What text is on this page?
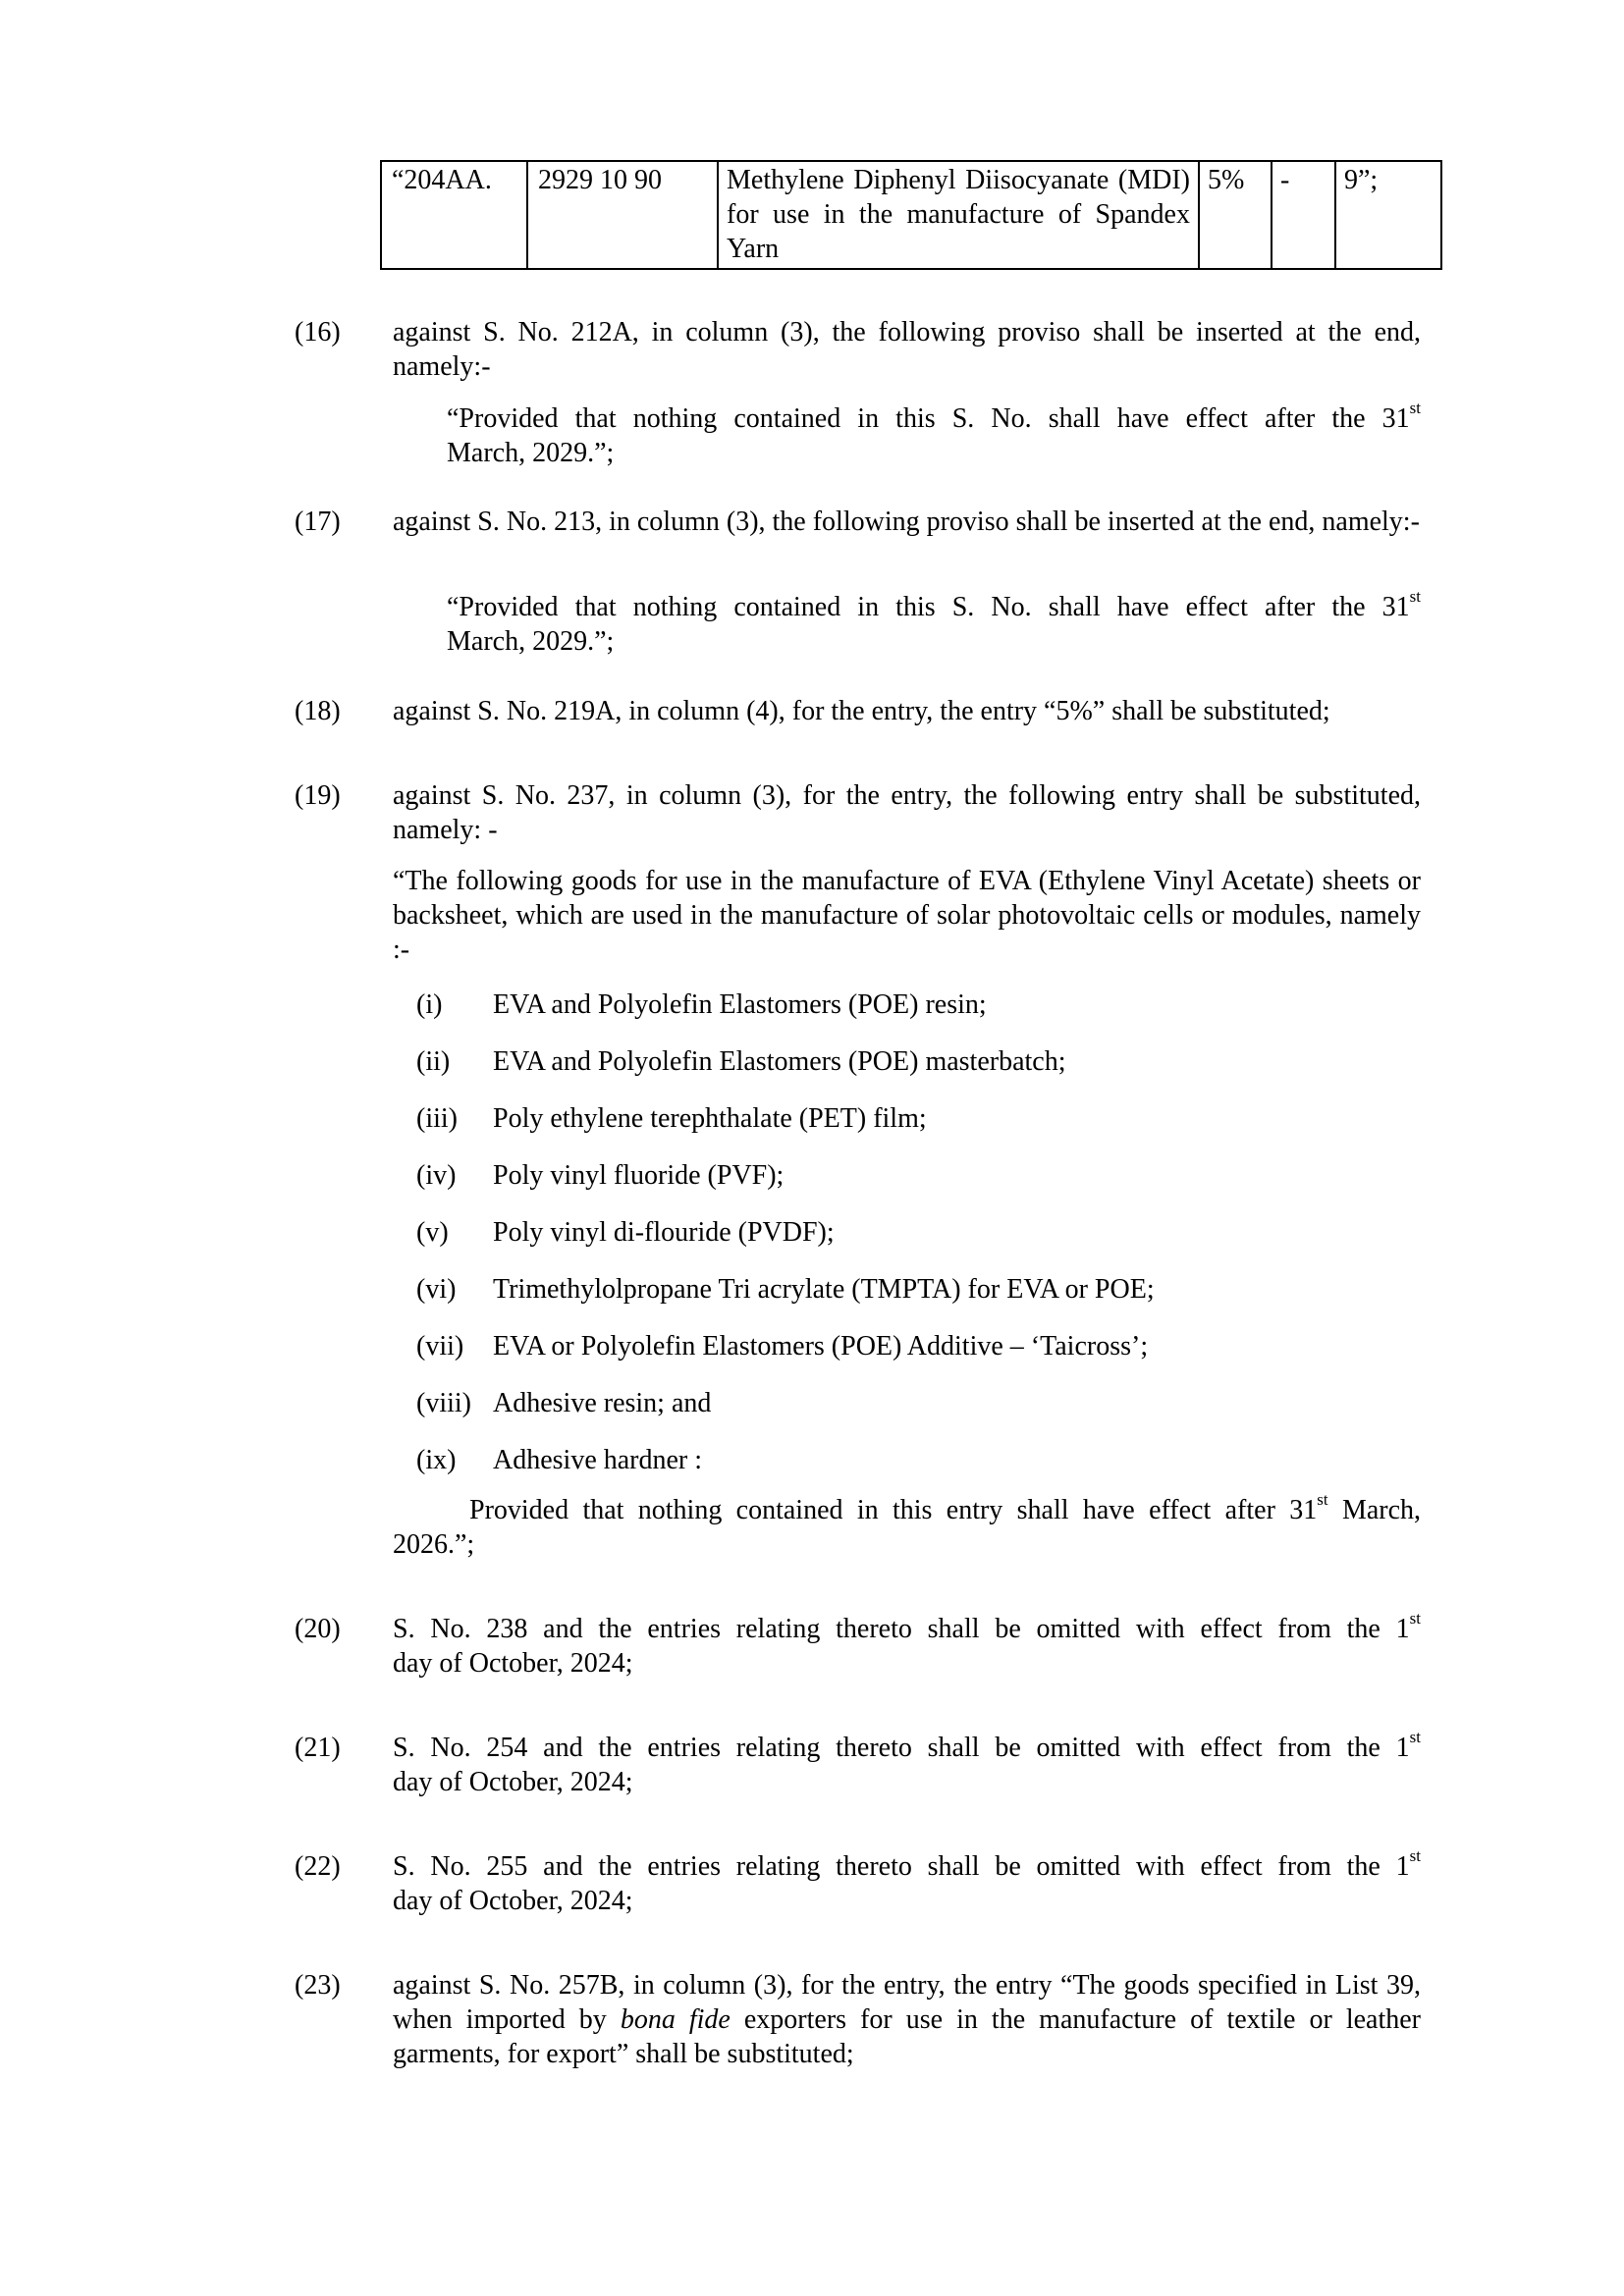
“204AA.	2929 10 90	Methylene Diphenyl Diisocyanate (MDI) for use in the manufacture of Spandex Yarn	5%	-	9”;
(16)	against S. No. 212A, in column (3), the following proviso shall be inserted at the end, namely:-
“Provided that nothing contained in this S. No. shall have effect after the 31st
March, 2029.”;
(17)	against S. No. 213, in column (3), the following proviso shall be inserted at the end, namely:-
“Provided that nothing contained in this S. No. shall have effect after the 31st
March, 2029.”;
(18)	against S. No. 219A, in column (4), for the entry, the entry “5%” shall be substituted;
(19)	against S. No. 237, in column (3), for the entry, the following entry shall be substituted, namely: -
“The following goods for use in the manufacture of EVA (Ethylene Vinyl Acetate) sheets or backsheet, which are used in the manufacture of solar photovoltaic cells or modules, namely :-
(i) EVA and Polyolefin Elastomers (POE) resin;
(ii) EVA and Polyolefin Elastomers (POE) masterbatch;
(iii) Poly ethylene terephthalate (PET) film;
(iv) Poly vinyl fluoride (PVF);
(v) Poly vinyl di-flouride (PVDF);
(vi) Trimethylolpropane Tri acrylate (TMPTA) for EVA or POE;
(vii) EVA or Polyolefin Elastomers (POE) Additive – ‘Taicross’;
(viii) Adhesive resin; and
(ix) Adhesive hardner :
Provided that nothing contained in this entry shall have effect after 31st March,
2026.”;
(20)	S. No. 238 and the entries relating thereto shall be omitted with effect from the 1st
day of October, 2024;
(21)	S. No. 254 and the entries relating thereto shall be omitted with effect from the 1st
day of October, 2024;
(22)	S. No. 255 and the entries relating thereto shall be omitted with effect from the 1st
day of October, 2024;
(23)	against S. No. 257B, in column (3), for the entry, the entry “The goods specified in List 39, when imported by bona fide exporters for use in the manufacture of textile or leather garments, for export” shall be substituted;
